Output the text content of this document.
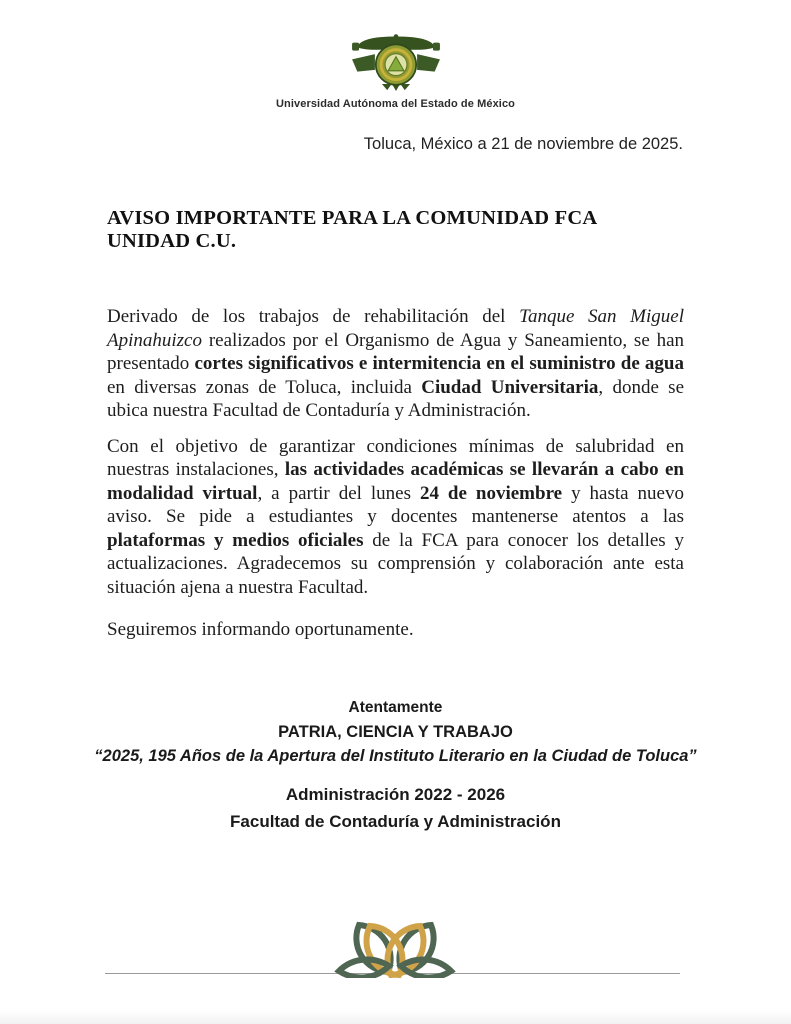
Universidad Autónoma del Estado de México
Toluca, México a 21 de noviembre de 2025.
AVISO IMPORTANTE PARA LA COMUNIDAD FCA UNIDAD C.U.

Derivado de los trabajos de rehabilitación del Tanque San Miguel Apinahuizco realizados por el Organismo de Agua y Saneamiento, se han presentado cortes significativos e intermitencia en el suministro de agua en diversas zonas de Toluca, incluida Ciudad Universitaria, donde se ubica nuestra Facultad de Contaduría y Administración.

Con el objetivo de garantizar condiciones mínimas de salubridad en nuestras instalaciones, las actividades académicas se llevarán a cabo en modalidad virtual, a partir del lunes 24 de noviembre y hasta nuevo aviso. Se pide a estudiantes y docentes mantenerse atentos a las plataformas y medios oficiales de la FCA para conocer los detalles y actualizaciones. Agradecemos su comprensión y colaboración ante esta situación ajena a nuestra Facultad.

Seguiremos informando oportunamente.
Atentamente
PATRIA, CIENCIA Y TRABAJO
“2025, 195 Años de la Apertura del Instituto Literario en la Ciudad de Toluca”
Administración 2022 - 2026
Facultad de Contaduría y Administración
